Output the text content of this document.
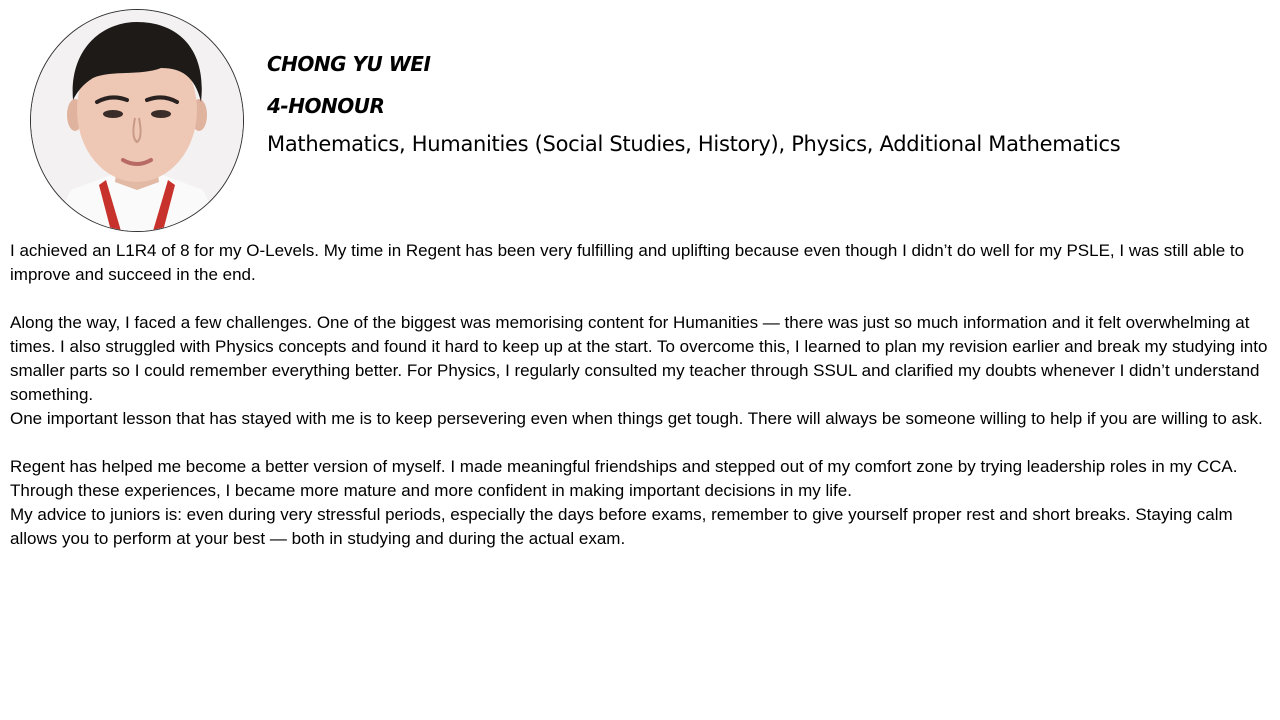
CHONG YU WEI
4-HONOUR

Mathematics, Humanities (Social Studies, History), Physics, Additional Mathematics

I achieved an L1R4 of 8 for my O-Levels. My time in Regent has been very fulfilling and uplifting because even though I didn’t do well for my PSLE, I was still able to improve and succeed in the end.

Along the way, I faced a few challenges. One of the biggest was memorising content for Humanities — there was just so much information and it felt overwhelming at times. I also struggled with Physics concepts and found it hard to keep up at the start. To overcome this, I learned to plan my revision earlier and break my studying into smaller parts so I could remember everything better. For Physics, I regularly consulted my teacher through SSUL and clarified my doubts whenever I didn’t understand something.

One important lesson that has stayed with me is to keep persevering even when things get tough. There will always be someone willing to help if you are willing to ask.

Regent has helped me become a better version of myself. I made meaningful friendships and stepped out of my comfort zone by trying leadership roles in my CCA. Through these experiences, I became more mature and more confident in making important decisions in my life.

My advice to juniors is: even during very stressful periods, especially the days before exams, remember to give yourself proper rest and short breaks. Staying calm allows you to perform at your best — both in studying and during the actual exam.
